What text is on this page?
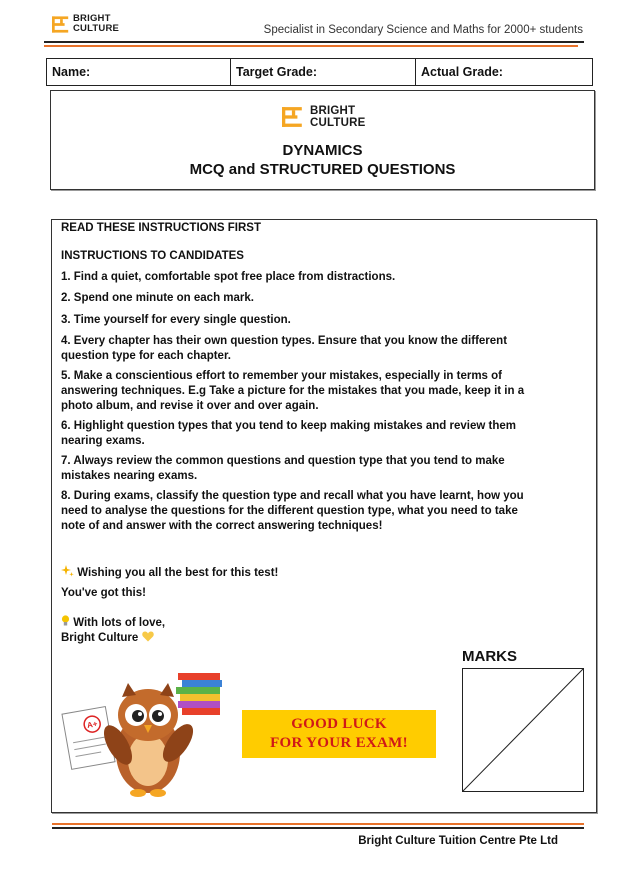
BRIGHT
CULTURE	Specialist in Secondary Science and Maths for 2000+ students
Name:	Target Grade:	Actual Grade:
BRIGHT
CULTURE
DYNAMICS
MCQ and STRUCTURED QUESTIONS
READ THESE INSTRUCTIONS FIRST
INSTRUCTIONS TO CANDIDATES
1. Find a quiet, comfortable spot free place from distractions.
2. Spend one minute on each mark.
3. Time yourself for every single question.
4. Every chapter has their own question types. Ensure that you know the different question type for each chapter.
5. Make a conscientious effort to remember your mistakes, especially in terms of answering techniques. E.g Take a picture for the mistakes that you made, keep it in a photo album, and revise it over and over again.
6. Highlight question types that you tend to keep making mistakes and review them nearing exams.
7. Always review the common questions and question type that you tend to make mistakes nearing exams.
8. During exams, classify the question type and recall what you have learnt, how you need to analyse the questions for the different question type, what you need to take note of and answer with the correct answering techniques!
Wishing you all the best for this test!
You've got this!
With lots of love,
Bright Culture
A+	GOOD LUCK
FOR YOUR EXAM!
MARKS
Bright Culture Tuition Centre Pte Ltd
